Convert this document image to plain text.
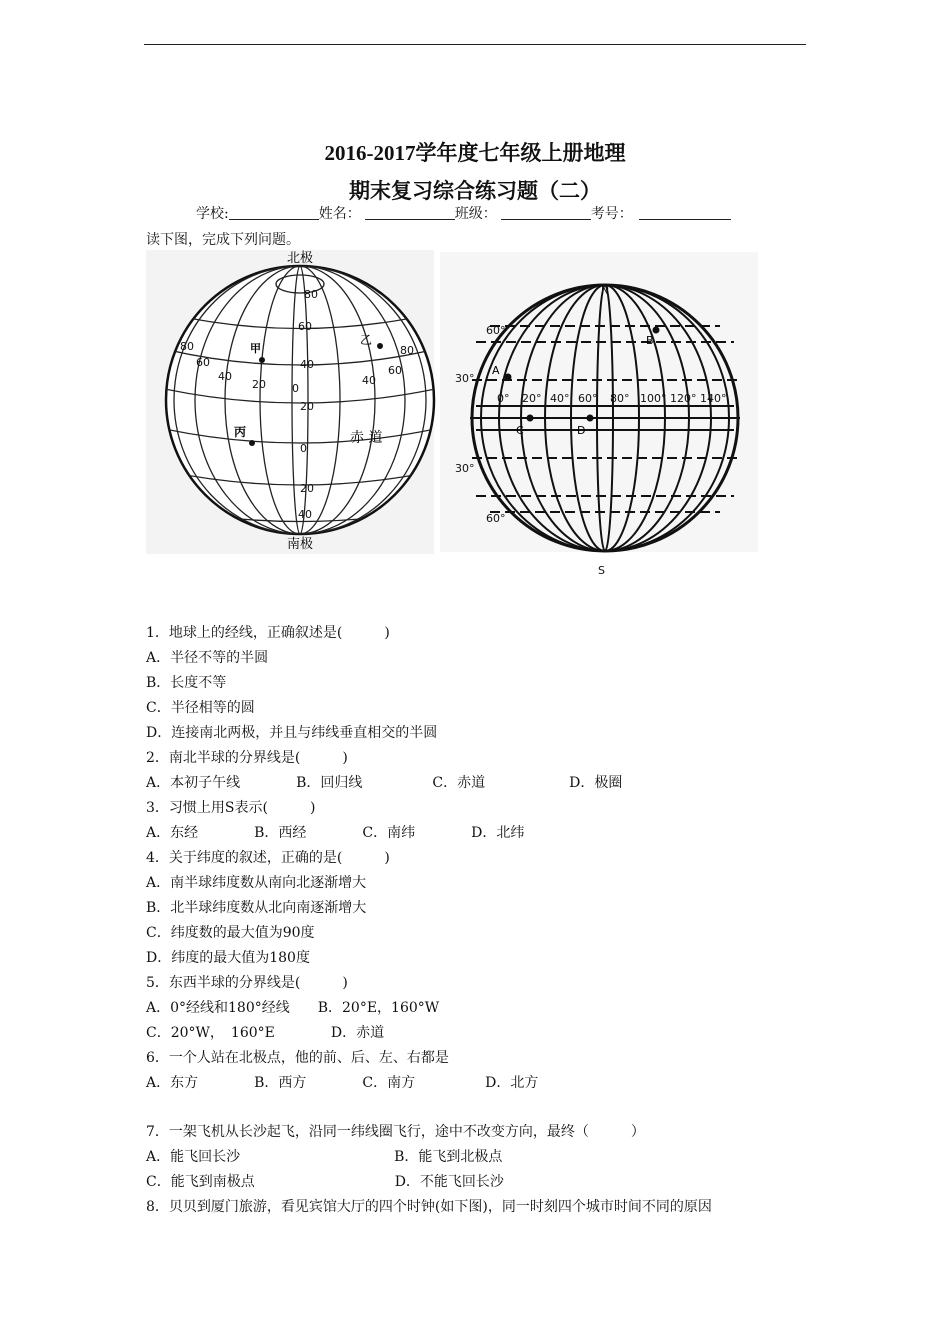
2016-2017学年度七年级上册地理
期末复习综合练习题（二）
学校:	姓名：	班级：	考号：
读下图，完成下列问题。
北极
南极
赤 道
80
60
40
20
0
20
40
80
60
40
20 0
40
60
80
甲
乙
丙
N
S
60°
30°
30°
60°
0° 20° 40° 60° 80° 100° 120° 140°
A
B
C	D
1．地球上的经线，正确叙述是(　　　)
A．半径不等的半圆
B．长度不等
C．半径相等的圆
D．连接南北两极，并且与纬线垂直相交的半圆
2．南北半球的分界线是(　　　)
A．本初子午线　　　　B．回归线　　　　　C．赤道　　　　　　D．极圈
3．习惯上用S表示(　　　)
A．东经　　　　B．西经　　　　C．南纬　　　　D．北纬
4．关于纬度的叙述，正确的是(　　　)
A．南半球纬度数从南向北逐渐增大
B．北半球纬度数从北向南逐渐增大
C．纬度数的最大值为90度
D．纬度的最大值为180度
5．东西半球的分界线是(　　　)
A．0°经线和180°经线　　B．20°E，160°W
C．20°W，　160°E　　　　D．赤道
6．一个人站在北极点，他的前、后、左、右都是
A．东方　　　　B．西方　　　　C．南方　　　　　D．北方
7．一架飞机从长沙起飞，沿同一纬线圈飞行，途中不改变方向，最终（　　　）
A．能飞回长沙　　　　　　　　　　　B．能飞到北极点
C．能飞到南极点　　　　　　　　　　D．不能飞回长沙
8．贝贝到厦门旅游，看见宾馆大厅的四个时钟(如下图)，同一时刻四个城市时间不同的原因
